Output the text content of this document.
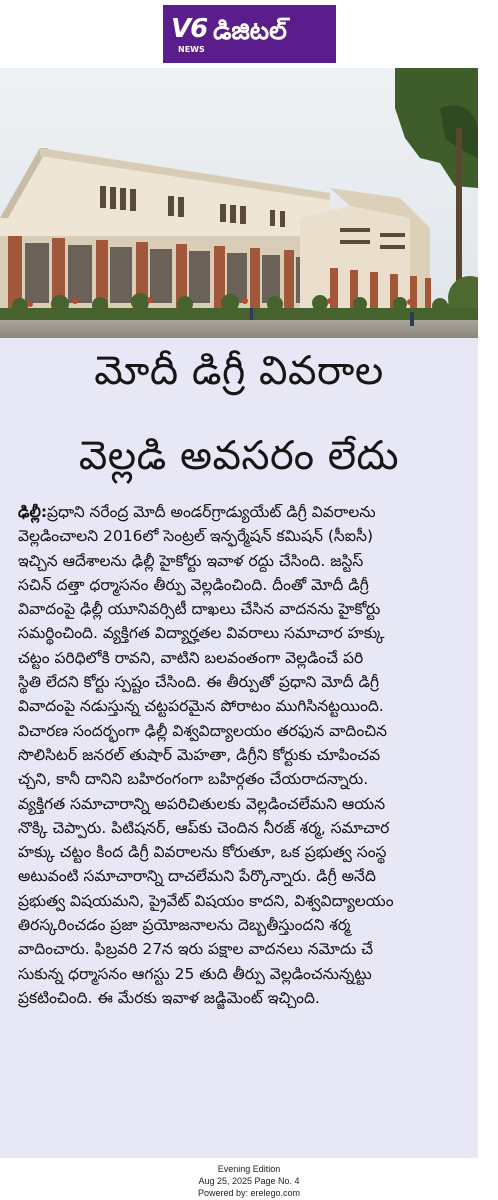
V6
NEWS
డిజిటల్
మోదీ డిగ్రీ వివరాల
వెల్లడి అవసరం లేదు
ఢిల్లీ:ప్రధాని నరేంద్ర మోదీ అండర్‌గ్రాడ్యుయేట్ డిగ్రీ వివరాలను
వెల్లడించాలని 2016లో సెంట్రల్ ఇన్ఫర్మేషన్ కమిషన్ (సీఐసీ)
ఇచ్చిన ఆదేశాలను ఢిల్లీ హైకోర్టు ఇవాళ రద్దు చేసింది. జస్టిస్
సచిన్ దత్తా ధర్మాసనం తీర్పు వెల్లడించింది. దీంతో మోదీ డిగ్రీ
వివాదంపై ఢిల్లీ యూనివర్సిటీ దాఖలు చేసిన వాదనను హైకోర్టు
సమర్థించింది. వ్యక్తిగత విద్యార్హతల వివరాలు సమాచార హక్కు
చట్టం పరిధిలోకి రావని, వాటిని బలవంతంగా వెల్లడించే పరి
స్థితి లేదని కోర్టు స్పష్టం చేసింది. ఈ తీర్పుతో ప్రధాని మోదీ డిగ్రీ
వివాదంపై నడుస్తున్న చట్టపరమైన పోరాటం ముగిసినట్టయింది.
విచారణ సందర్భంగా ఢిల్లీ విశ్వవిద్యాలయం తరఫున వాదించిన
సొలిసిటర్ జనరల్ తుషార్ మెహతా, డిగ్రీని కోర్టుకు చూపించవ
చ్చని, కానీ దానిని బహిరంగంగా బహిర్గతం చేయరాదన్నారు.
వ్యక్తిగత సమాచారాన్ని అపరిచితులకు వెల్లడించలేమని ఆయన
నొక్కి చెప్పారు. పిటిషనర్, ఆప్‌కు చెందిన నీరజ్ శర్మ, సమాచార
హక్కు చట్టం కింద డిగ్రీ వివరాలను కోరుతూ, ఒక ప్రభుత్వ సంస్థ
అటువంటి సమాచారాన్ని దాచలేమని పేర్కొన్నారు. డిగ్రీ అనేది
ప్రభుత్వ విషయమని, ప్రైవేట్ విషయం కాదని, విశ్వవిద్యాలయం
తిరస్కరించడం ప్రజా ప్రయోజనాలను దెబ్బతీస్తుందని శర్మ
వాదించారు. ఫిబ్రవరి 27న ఇరు పక్షాల వాదనలు నమోదు చే
సుకున్న ధర్మాసనం ఆగస్టు 25 తుది తీర్పు వెల్లడించనున్నట్టు
ప్రకటించింది. ఈ మేరకు ఇవాళ జడ్జిమెంట్ ఇచ్చింది.
Evening Edition
Aug 25, 2025 Page No. 4
Powered by: erelego.com
